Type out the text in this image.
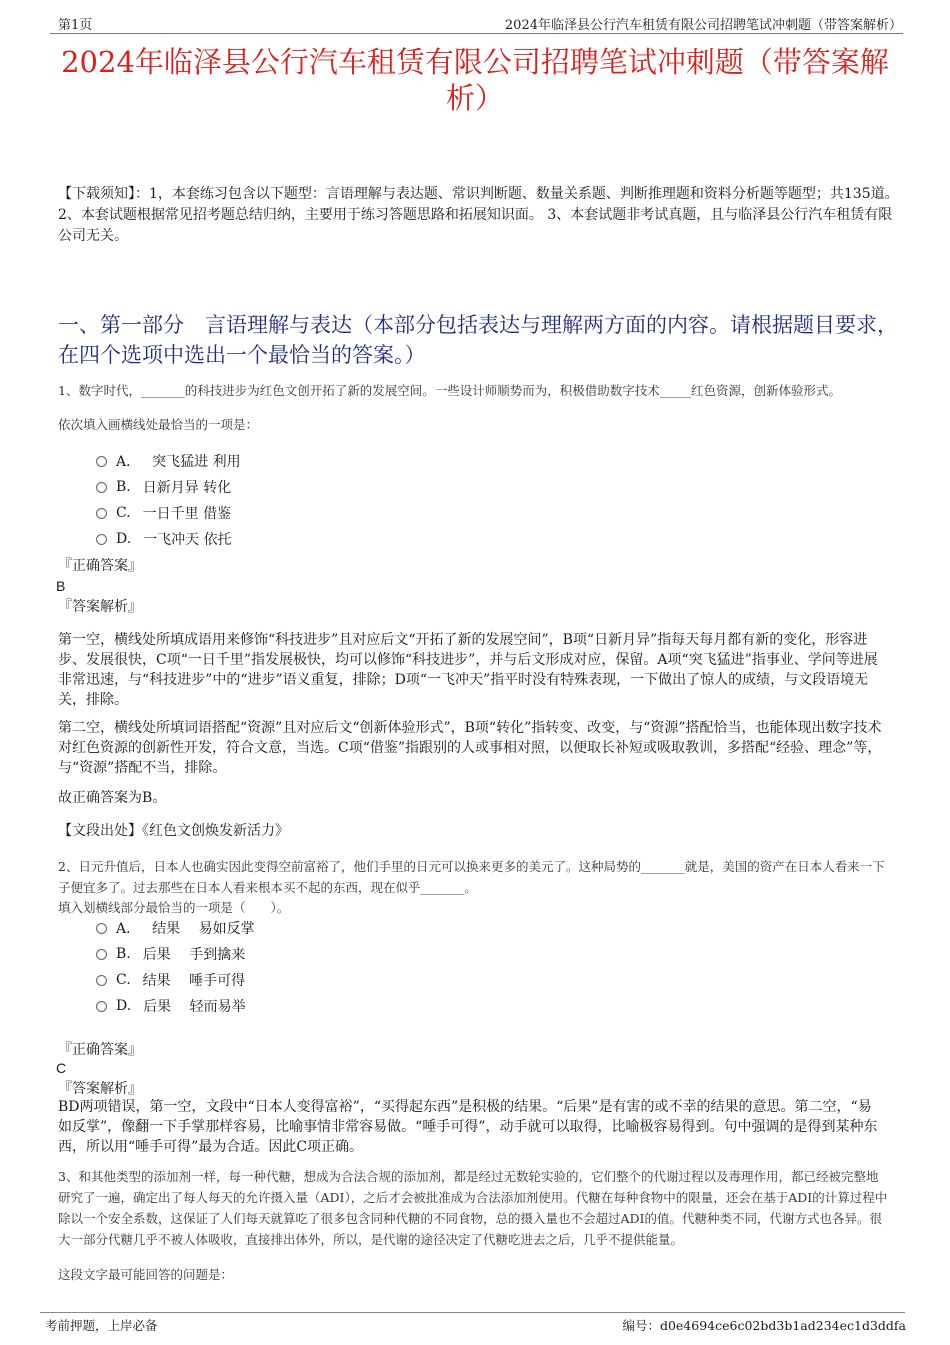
第1页	2024年临泽县公行汽车租赁有限公司招聘笔试冲刺题（带答案解析）
2024年临泽县公行汽车租赁有限公司招聘笔试冲刺题（带答案解析）
【下载须知】：1，本套练习包含以下题型：言语理解与表达题、常识判断题、数量关系题、判断推理题和资料分析题等题型；共135道。 2、本套试题根据常见招考题总结归纳，主要用于练习答题思路和拓展知识面。 3、本套试题非考试真题，且与临泽县公行汽车租赁有限公司无关。
一、第一部分　言语理解与表达（本部分包括表达与理解两方面的内容。请根据题目要求，在四个选项中选出一个最恰当的答案。）
1、数字时代，_______的科技进步为红色文创开拓了新的发展空间。一些设计师顺势而为，积极借助数字技术_____红色资源，创新体验形式。
依次填入画横线处最恰当的一项是：
A． 突飞猛进 利用
B. 日新月异 转化
C. 一日千里 借鉴
D. 一飞冲天 依托
『正确答案』
B
『答案解析』
第一空，横线处所填成语用来修饰“科技进步”且对应后文“开拓了新的发展空间”，B项“日新月异”指每天每月都有新的变化，形容进步、发展很快，C项“一日千里”指发展极快，均可以修饰“科技进步”，并与后文形成对应，保留。A项“突飞猛进”指事业、学问等进展非常迅速，与“科技进步”中的“进步”语义重复，排除；D项“一飞冲天”指平时没有特殊表现，一下做出了惊人的成绩，与文段语境无关，排除。
第二空，横线处所填词语搭配“资源”且对应后文“创新体验形式”，B项“转化”指转变、改变，与“资源”搭配恰当，也能体现出数字技术对红色资源的创新性开发，符合文意，当选。C项“借鉴”指跟别的人或事相对照，以便取长补短或吸取教训，多搭配“经验、理念”等，与“资源”搭配不当，排除。
故正确答案为B。
【文段出处】《红色文创焕发新活力》
2、日元升值后，日本人也确实因此变得空前富裕了，他们手里的日元可以换来更多的美元了。这种局势的_______就是，美国的资产在日本人看来一下子便宜多了。过去那些在日本人看来根本买不起的东西，现在似乎_______。
填入划横线部分最恰当的一项是（　　）。
A． 结果　 易如反掌
B. 后果　 手到擒来
C. 结果　 唾手可得
D. 后果　 轻而易举
『正确答案』
C
『答案解析』
BD两项错误，第一空，文段中“日本人变得富裕”，“买得起东西”是积极的结果。“后果”是有害的或不幸的结果的意思。第二空，“易如反掌”，像翻一下手掌那样容易，比喻事情非常容易做。“唾手可得”，动手就可以取得，比喻极容易得到。句中强调的是得到某种东西，所以用“唾手可得”最为合适。因此C项正确。
3、和其他类型的添加剂一样，每一种代糖，想成为合法合规的添加剂，都是经过无数轮实验的，它们整个的代谢过程以及毒理作用，都已经被完整地研究了一遍，确定出了每人每天的允许摄入量（ADI），之后才会被批准成为合法添加剂使用。代糖在每种食物中的限量，还会在基于ADI的计算过程中除以一个安全系数，这保证了人们每天就算吃了很多包含同种代糖的不同食物，总的摄入量也不会超过ADI的值。代糖种类不同，代谢方式也各异。很大一部分代糖几乎不被人体吸收，直接排出体外，所以，是代谢的途径决定了代糖吃进去之后，几乎不提供能量。
这段文字最可能回答的问题是：
考前押题，上岸必备	编号：d0e4694ce6c02bd3b1ad234ec1d3ddfa
